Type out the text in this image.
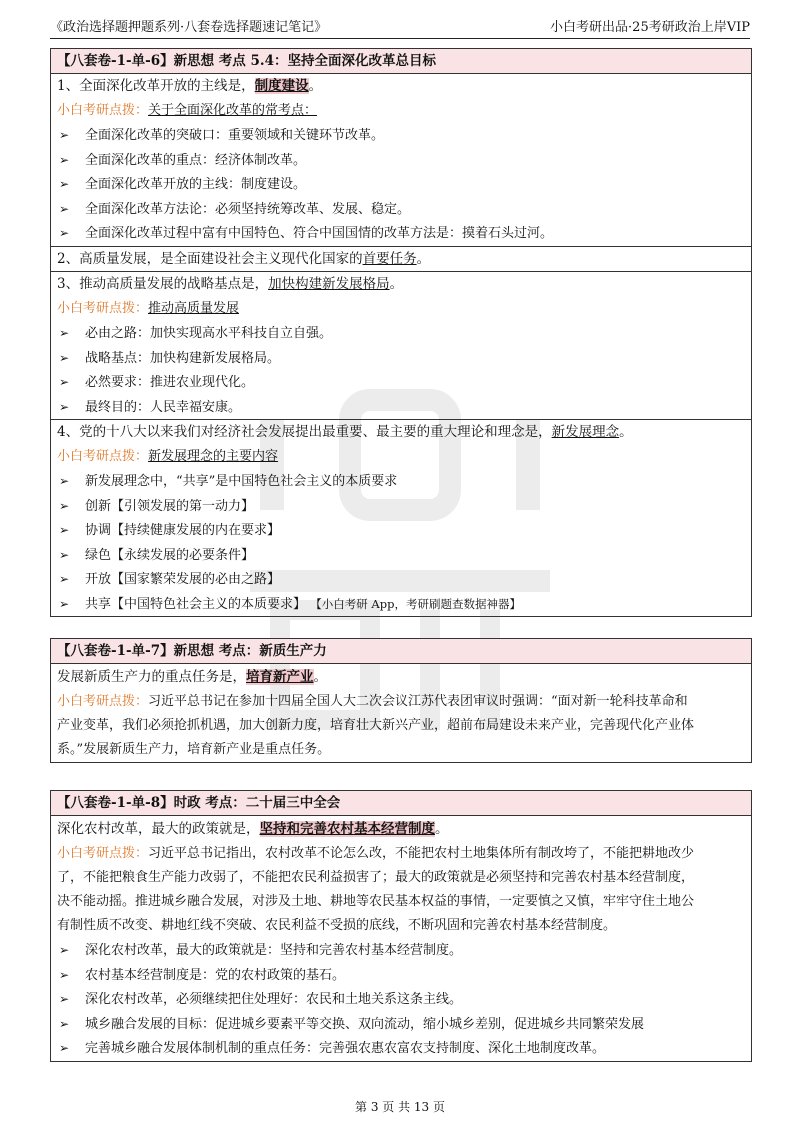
《政治选择题押题系列·八套卷选择题速记笔记》	小白考研出品·25考研政治上岸VIP
【八套卷-1-单-6】新思想 考点 5.4：坚持全面深化改革总目标
1、全面深化改革开放的主线是，制度建设。
小白考研点拨：关于全面深化改革的常考点：
➢ 全面深化改革的突破口：重要领域和关键环节改革。
➢ 全面深化改革的重点：经济体制改革。
➢ 全面深化改革开放的主线：制度建设。
➢ 全面深化改革方法论：必须坚持统筹改革、发展、稳定。
➢ 全面深化改革过程中富有中国特色、符合中国国情的改革方法是：摸着石头过河。
2、高质量发展，是全面建设社会主义现代化国家的首要任务。
3、推动高质量发展的战略基点是，加快构建新发展格局。
小白考研点拨：推动高质量发展
➢ 必由之路：加快实现高水平科技自立自强。
➢ 战略基点：加快构建新发展格局。
➢ 必然要求：推进农业现代化。
➢ 最终目的：人民幸福安康。
4、党的十八大以来我们对经济社会发展提出最重要、最主要的重大理论和理念是，新发展理念。
小白考研点拨：新发展理念的主要内容
➢ 新发展理念中，“共享”是中国特色社会主义的本质要求
➢ 创新【引领发展的第一动力】
➢ 协调【持续健康发展的内在要求】
➢ 绿色【永续发展的必要条件】
➢ 开放【国家繁荣发展的必由之路】
➢ 共享【中国特色社会主义的本质要求】 【小白考研 App，考研刷题查数据神器】
【八套卷-1-单-7】新思想 考点：新质生产力
发展新质生产力的重点任务是，培育新产业。
小白考研点拨：习近平总书记在参加十四届全国人大二次会议江苏代表团审议时强调：“面对新一轮科技革命和
产业变革，我们必须抢抓机遇，加大创新力度，培育壮大新兴产业，超前布局建设未来产业，完善现代化产业体
系。”发展新质生产力，培育新产业是重点任务。
【八套卷-1-单-8】时政 考点：二十届三中全会
深化农村改革，最大的政策就是，坚持和完善农村基本经营制度。
小白考研点拨：习近平总书记指出，农村改革不论怎么改，不能把农村土地集体所有制改垮了，不能把耕地改少
了，不能把粮食生产能力改弱了，不能把农民利益损害了；最大的政策就是必须坚持和完善农村基本经营制度，
决不能动摇。推进城乡融合发展，对涉及土地、耕地等农民基本权益的事情，一定要慎之又慎，牢牢守住土地公
有制性质不改变、耕地红线不突破、农民利益不受损的底线，不断巩固和完善农村基本经营制度。
➢ 深化农村改革，最大的政策就是：坚持和完善农村基本经营制度。
➢ 农村基本经营制度是：党的农村政策的基石。
➢ 深化农村改革，必须继续把住处理好：农民和土地关系这条主线。
➢ 城乡融合发展的目标：促进城乡要素平等交换、双向流动，缩小城乡差别，促进城乡共同繁荣发展
➢ 完善城乡融合发展体制机制的重点任务：完善强农惠农富农支持制度、深化土地制度改革。
第 3 页 共 13 页
